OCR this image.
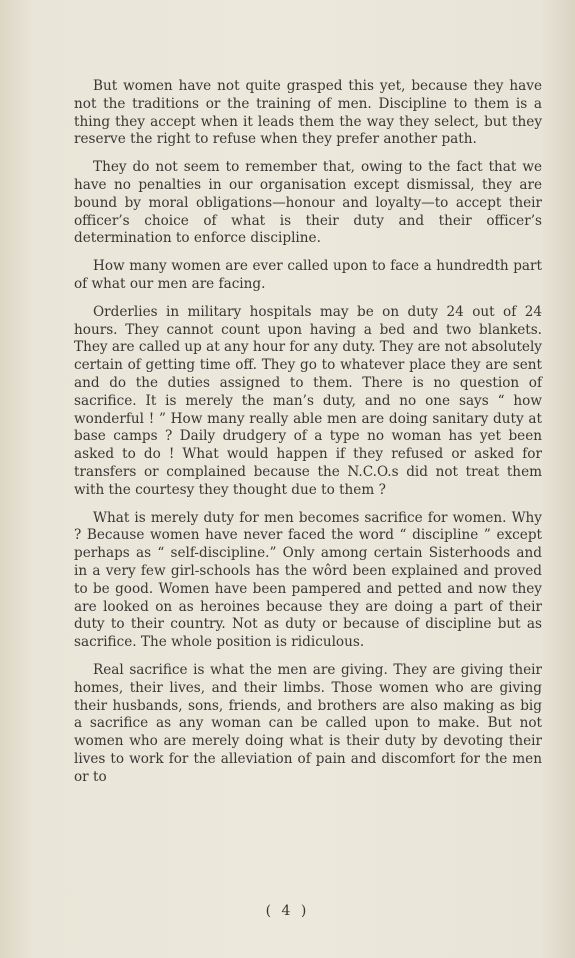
But women have not quite grasped this yet, because they have not the traditions or the training of men. Discipline to them is a thing they accept when it leads them the way they select, but they reserve the right to refuse when they prefer another path.

They do not seem to remember that, owing to the fact that we have no penalties in our organisation except dismissal, they are bound by moral obligations—honour and loyalty—to accept their officer’s choice of what is their duty and their officer’s determination to enforce discipline.

How many women are ever called upon to face a hundredth part of what our men are facing.

Orderlies in military hospitals may be on duty 24 out of 24 hours. They cannot count upon having a bed and two blankets. They are called up at any hour for any duty. They are not absolutely certain of getting time off. They go to whatever place they are sent and do the duties assigned to them. There is no question of sacrifice. It is merely the man’s duty, and no one says “ how wonderful ! ” How many really able men are doing sanitary duty at base camps ? Daily drudgery of a type no woman has yet been asked to do ! What would happen if they refused or asked for transfers or complained because the N.C.O.s did not treat them with the courtesy they thought due to them ?

What is merely duty for men becomes sacrifice for women. Why ? Because women have never faced the word “ discipline ” except perhaps as “ self-discipline.” Only among certain Sisterhoods and in a very few girl-schools has the wôrd been explained and proved to be good. Women have been pampered and petted and now they are looked on as heroines because they are doing a part of their duty to their country. Not as duty or because of discipline but as sacrifice. The whole position is ridiculous.

Real sacrifice is what the men are giving. They are giving their homes, their lives, and their limbs. Those women who are giving their husbands, sons, friends, and brothers are also making as big a sacrifice as any woman can be called upon to make. But not women who are merely doing what is their duty by devoting their lives to work for the alleviation of pain and discomfort for the men or to

( 4 )
